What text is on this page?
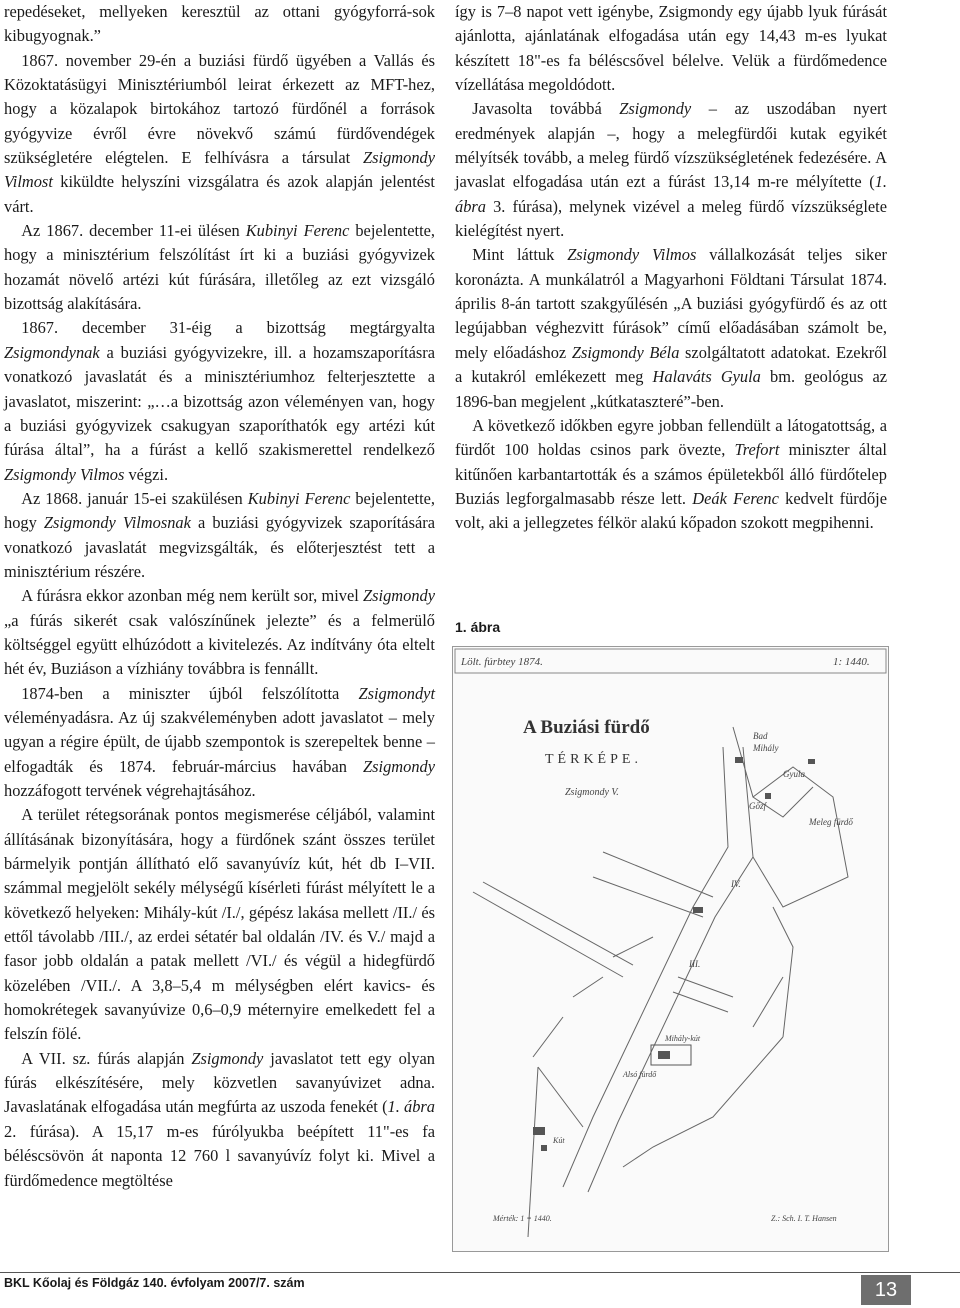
repedéseket, mellyeken keresztül az ottani gyógyforrá-sok kibugyognak.”

1867. november 29-én a buziási fürdő ügyében a Vallás és Közoktatásügyi Minisztériumból leirat érkezett az MFT-hez, hogy a közalapok birtokához tartozó fürdőnél a források gyógyvize évről évre növekvő számú fürdővendégek szükségletére elégtelen. E felhívásra a társulat Zsigmondy Vilmost kiküldte helyszíni vizsgálatra és azok alapján jelentést várt.

Az 1867. december 11-ei ülésen Kubinyi Ferenc bejelentette, hogy a minisztérium felszólítást írt ki a buziási gyógyvizek hozamát növelő artézi kút fúrására, illetőleg az ezt vizsgáló bizottság alakítására.

1867. december 31-éig a bizottság megtárgyalta Zsigmondynak a buziási gyógyvizekre, ill. a hozamszaporításra vonatkozó javaslatát és a minisztériumhoz felterjesztette a javaslatot, miszerint: „…a bizottság azon véleményen van, hogy a buziási gyógyvizek csakugyan szaporíthatók egy artézi kút fúrása által”, ha a fúrást a kellő szakismerettel rendelkező Zsigmondy Vilmos végzi.

Az 1868. január 15-ei szakülésen Kubinyi Ferenc bejelentette, hogy Zsigmondy Vilmosnak a buziási gyógyvizek szaporítására vonatkozó javaslatát megvizsgálták, és előterjesztést tett a minisztérium részére.

A fúrásra ekkor azonban még nem került sor, mivel Zsigmondy „a fúrás sikerét csak valószínűnek jelezte” és a felmerülő költséggel együtt elhúzódott a kivitelezés. Az indítvány óta eltelt hét év, Buziáson a vízhiány továbbra is fennállt.

1874-ben a miniszter újból felszólította Zsigmondyt véleményadásra. Az új szakvéleményben adott javaslatot – mely ugyan a régire épült, de újabb szempontok is szerepeltek benne – elfogadták és 1874. február-március havában Zsigmondy hozzáfogott tervének végrehajtásához.

A terület rétegsorának pontos megismerése céljából, valamint állításának bizonyítására, hogy a fürdőnek szánt összes terület bármelyik pontján állítható elő savanyúvíz kút, hét db I–VII. számmal megjelölt sekély mélységű kísérleti fúrást mélyített le a következő helyeken: Mihály-kút /I./, gépész lakása mellett /II./ és ettől távolabb /III./, az erdei sétatér bal oldalán /IV. és V./ majd a fasor jobb oldalán a patak mellett /VI./ és végül a hidegfürdő közelében /VII./. A 3,8–5,4 m mélységben elért kavics- és homokrétegek savanyúvize 0,6–0,9 méternyire emelkedett fel a felszín fölé.

A VII. sz. fúrás alapján Zsigmondy javaslatot tett egy olyan fúrás elkészítésére, mely közvetlen savanyúvizet adna. Javaslatának elfogadása után megfúrta az uszoda fenekét (1. ábra 2. fúrása). A 15,17 m-es fúrólyukba beépített 11"-es fa béléscsövön át naponta 12 760 l savanyúvíz folyt ki. Mivel a fürdőmedence megtöltése

így is 7–8 napot vett igénybe, Zsigmondy egy újabb lyuk fúrását ajánlotta, ajánlatának elfogadása után egy 14,43 m-es lyukat készített 18"-es fa béléscsővel bélelve. Velük a fürdőmedence vízellátása megoldódott.

Javasolta továbbá Zsigmondy – az uszodában nyert eredmények alapján –, hogy a melegfürdői kutak egyikét mélyítsék tovább, a meleg fürdő vízszükségletének fedezésére. A javaslat elfogadása után ezt a fúrást 13,14 m-re mélyítette (1. ábra 3. fúrása), melynek vizével a meleg fürdő vízszükséglete kielégítést nyert.

Mint láttuk Zsigmondy Vilmos vállalkozását teljes siker koronázta. A munkálatról a Magyarhoni Földtani Társulat 1874. április 8-án tartott szakgyűlésén „A buziási gyógyfürdő és az ott legújabban véghezvitt fúrások” című előadásában számolt be, mely előadáshoz Zsigmondy Béla szolgáltatott adatokat. Ezekről a kutakról emlékezett meg Halaváts Gyula bm. geológus az 1896-ban megjelent „kútkataszteré”-ben.

A következő időkben egyre jobban fellendült a látogatottság, a fürdőt 100 holdas csinos park övezte, Trefort miniszter által kitűnően karbantartották és a számos épületekből álló fürdőtelep Buziás legforgalmasabb része lett. Deák Ferenc kedvelt fürdője volt, aki a jellegzetes félkör alakú kőpadon szokott megpihenni.

1. ábra
Lölt. fúrbtey 1874.	1: 1440.
A Buziási fürdő
TÉRKÉPE.
Zsigmondy V.
Bad
Mihály
Gyula
Gőzf
Meleg fürdő
IV.
III.
Mihály-kút
Alsó fürdő
Kút
Mérték: 1 = 1440.	Z.: Sch. I. T. Hansen
BKL Kőolaj és Földgáz 140. évfolyam 2007/7. szám	13
